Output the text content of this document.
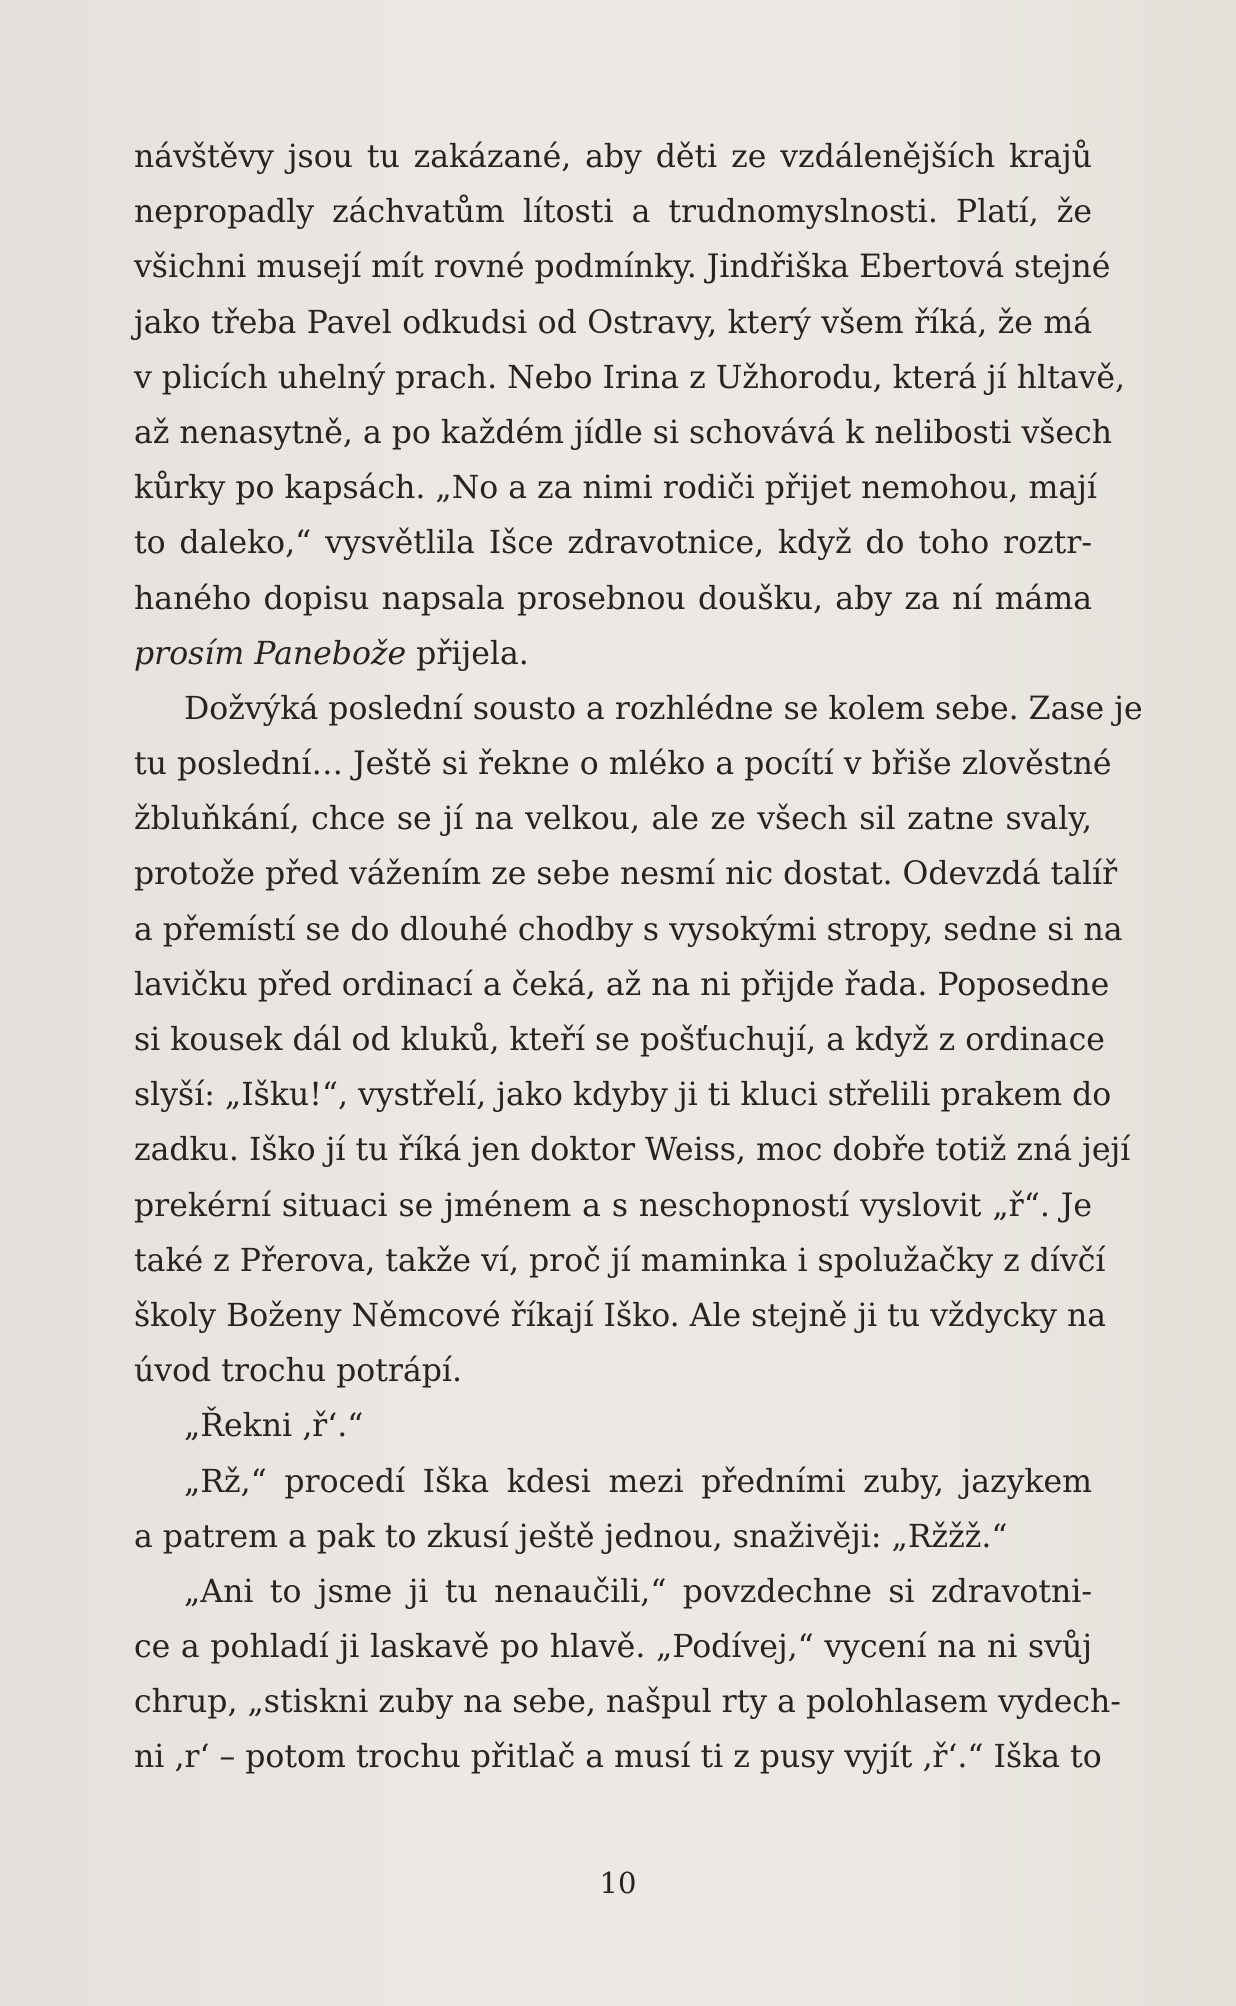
návštěvy jsou tu zakázané, aby děti ze vzdálenějších krajů
nepropadly záchvatům lítosti a trudnomyslnosti. Platí, že
všichni musejí mít rovné podmínky. Jindřiška Ebertová stejné
jako třeba Pavel odkudsi od Ostravy, který všem říká, že má
v plicích uhelný prach. Nebo Irina z Užhorodu, která jí hltavě,
až nenasytně, a po každém jídle si schovává k nelibosti všech
kůrky po kapsách. „No a za nimi rodiči přijet nemohou, mají
to daleko,“ vysvětlila Išce zdravotnice, když do toho roztr-
haného dopisu napsala prosebnou doušku, aby za ní máma
prosím Panebože přijela.
Dožvýká poslední sousto a rozhlédne se kolem sebe. Zase je
tu poslední… Ještě si řekne o mléko a pocítí v břiše zlověstné
žbluňkání, chce se jí na velkou, ale ze všech sil zatne svaly,
protože před vážením ze sebe nesmí nic dostat. Odevzdá talíř
a přemístí se do dlouhé chodby s vysokými stropy, sedne si na
lavičku před ordinací a čeká, až na ni přijde řada. Poposedne
si kousek dál od kluků, kteří se pošťuchují, a když z ordinace
slyší: „Išku!“, vystřelí, jako kdyby ji ti kluci střelili prakem do
zadku. Iško jí tu říká jen doktor Weiss, moc dobře totiž zná její
prekérní situaci se jménem a s neschopností vyslovit „ř“. Je
také z Přerova, takže ví, proč jí maminka i spolužačky z dívčí
školy Boženy Němcové říkají Iško. Ale stejně ji tu vždycky na
úvod trochu potrápí.
„Řekni ‚ř‘.“
„Rž,“ procedí Iška kdesi mezi předními zuby, jazykem
a patrem a pak to zkusí ještě jednou, snaživěji: „Ržžž.“
„Ani to jsme ji tu nenaučili,“ povzdechne si zdravotni-
ce a pohladí ji laskavě po hlavě. „Podívej,“ vycení na ni svůj
chrup, „stiskni zuby na sebe, našpul rty a polohlasem vydech-
ni ‚r‘ – potom trochu přitlač a musí ti z pusy vyjít ‚ř‘.“ Iška to
10
